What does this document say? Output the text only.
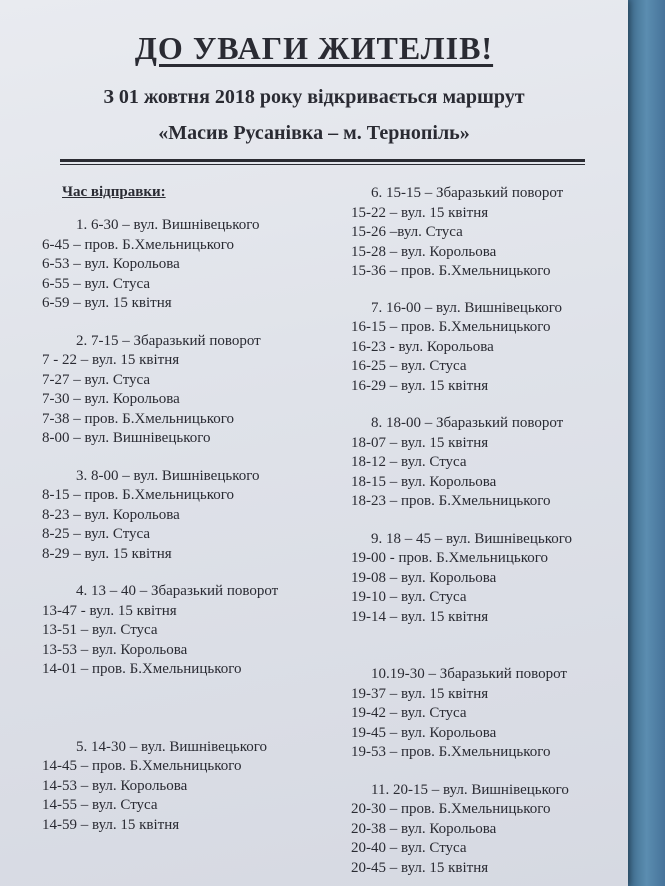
ДО УВАГИ ЖИТЕЛІВ!
З 01 жовтня 2018 року відкривається маршрут
«Масив Русанівка – м. Тернопіль»
Час відправки:
1. 6-30 – вул. Вишнівецького
6-45 – пров. Б.Хмельницького
6-53 – вул. Корольова
6-55 – вул. Стуса
6-59 – вул. 15 квітня
2. 7-15 – Збаразький поворот
7 - 22 – вул. 15 квітня
7-27 – вул. Стуса
7-30 – вул. Корольова
7-38 – пров. Б.Хмельницького
8-00 – вул. Вишнівецького
3. 8-00 – вул. Вишнівецького
8-15 – пров. Б.Хмельницького
8-23 – вул. Корольова
8-25 – вул. Стуса
8-29 – вул. 15 квітня
4. 13 – 40 – Збаразький поворот
13-47 - вул. 15 квітня
13-51 – вул. Стуса
13-53 – вул. Корольова
14-01 – пров. Б.Хмельницького
5. 14-30 – вул. Вишнівецького
14-45 – пров. Б.Хмельницького
14-53 – вул. Корольова
14-55 – вул. Стуса
14-59 – вул. 15 квітня
6. 15-15 – Збаразький поворот
15-22 – вул. 15 квітня
15-26 –вул. Стуса
15-28 – вул. Корольова
15-36 – пров. Б.Хмельницького
7. 16-00 – вул. Вишнівецького
16-15 – пров. Б.Хмельницького
16-23 - вул. Корольова
16-25 – вул. Стуса
16-29 – вул. 15 квітня
8. 18-00 – Збаразький поворот
18-07 – вул. 15 квітня
18-12 – вул. Стуса
18-15 – вул. Корольова
18-23 – пров. Б.Хмельницького
9. 18 – 45 – вул. Вишнівецького
19-00 - пров. Б.Хмельницького
19-08 – вул. Корольова
19-10 – вул. Стуса
19-14 – вул. 15 квітня
10.19-30 – Збаразький поворот
19-37 – вул. 15 квітня
19-42 – вул. Стуса
19-45 – вул. Корольова
19-53 – пров. Б.Хмельницького
11. 20-15 – вул. Вишнівецького
20-30 – пров. Б.Хмельницького
20-38 – вул. Корольова
20-40 – вул. Стуса
20-45 – вул. 15 квітня
